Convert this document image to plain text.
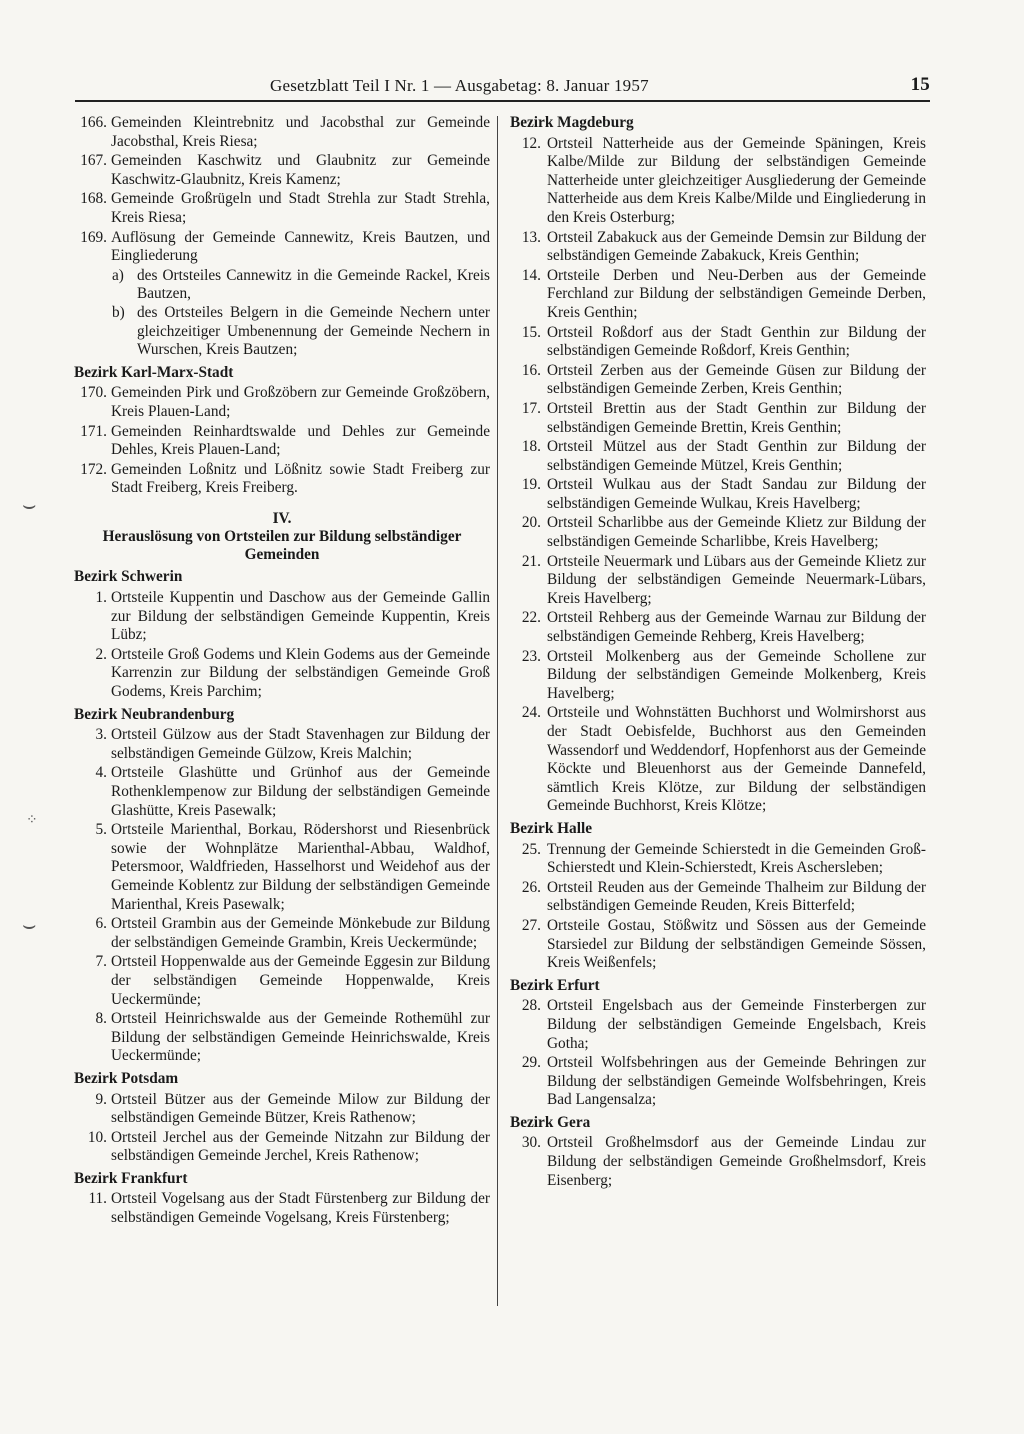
Gesetzblatt Teil I Nr. 1 — Ausgabetag: 8. Januar 1957	15
⌣
⁘
⌣
166. Gemeinden Kleintrebnitz und Jacobsthal zur Gemeinde Jacobsthal, Kreis Riesa;
167. Gemeinden Kaschwitz und Glaubnitz zur Gemeinde Kaschwitz-Glaubnitz, Kreis Kamenz;
168. Gemeinde Großrügeln und Stadt Strehla zur Stadt Strehla, Kreis Riesa;
169. Auflösung der Gemeinde Cannewitz, Kreis Bautzen, und Eingliederung
a) des Ortsteiles Cannewitz in die Gemeinde Rackel, Kreis Bautzen,
b) des Ortsteiles Belgern in die Gemeinde Nechern unter gleichzeitiger Umbenennung der Gemeinde Nechern in Wurschen, Kreis Bautzen;
Bezirk Karl-Marx-Stadt
170. Gemeinden Pirk und Großzöbern zur Gemeinde Großzöbern, Kreis Plauen-Land;
171. Gemeinden Reinhardtswalde und Dehles zur Gemeinde Dehles, Kreis Plauen-Land;
172. Gemeinden Loßnitz und Lößnitz sowie Stadt Freiberg zur Stadt Freiberg, Kreis Freiberg.
IV.
Herauslösung von Ortsteilen zur Bildung selbständiger Gemeinden
Bezirk Schwerin
1. Ortsteile Kuppentin und Daschow aus der Gemeinde Gallin zur Bildung der selbständigen Gemeinde Kuppentin, Kreis Lübz;
2. Ortsteile Groß Godems und Klein Godems aus der Gemeinde Karrenzin zur Bildung der selbständigen Gemeinde Groß Godems, Kreis Parchim;
Bezirk Neubrandenburg
3. Ortsteil Gülzow aus der Stadt Stavenhagen zur Bildung der selbständigen Gemeinde Gülzow, Kreis Malchin;
4. Ortsteile Glashütte und Grünhof aus der Gemeinde Rothenklempenow zur Bildung der selbständigen Gemeinde Glashütte, Kreis Pasewalk;
5. Ortsteile Marienthal, Borkau, Rödershorst und Riesenbrück sowie der Wohnplätze Marienthal-Abbau, Waldhof, Petersmoor, Waldfrieden, Hasselhorst und Weidehof aus der Gemeinde Koblentz zur Bildung der selbständigen Gemeinde Marienthal, Kreis Pasewalk;
6. Ortsteil Grambin aus der Gemeinde Mönkebude zur Bildung der selbständigen Gemeinde Grambin, Kreis Ueckermünde;
7. Ortsteil Hoppenwalde aus der Gemeinde Eggesin zur Bildung der selbständigen Gemeinde Hoppenwalde, Kreis Ueckermünde;
8. Ortsteil Heinrichswalde aus der Gemeinde Rothemühl zur Bildung der selbständigen Gemeinde Heinrichswalde, Kreis Ueckermünde;
Bezirk Potsdam
9. Ortsteil Bützer aus der Gemeinde Milow zur Bildung der selbständigen Gemeinde Bützer, Kreis Rathenow;
10. Ortsteil Jerchel aus der Gemeinde Nitzahn zur Bildung der selbständigen Gemeinde Jerchel, Kreis Rathenow;
Bezirk Frankfurt
11. Ortsteil Vogelsang aus der Stadt Fürstenberg zur Bildung der selbständigen Gemeinde Vogelsang, Kreis Fürstenberg;
Bezirk Magdeburg
12. Ortsteil Natterheide aus der Gemeinde Späningen, Kreis Kalbe/Milde zur Bildung der selbständigen Gemeinde Natterheide unter gleichzeitiger Ausgliederung der Gemeinde Natterheide aus dem Kreis Kalbe/Milde und Eingliederung in den Kreis Osterburg;
13. Ortsteil Zabakuck aus der Gemeinde Demsin zur Bildung der selbständigen Gemeinde Zabakuck, Kreis Genthin;
14. Ortsteile Derben und Neu-Derben aus der Gemeinde Ferchland zur Bildung der selbständigen Gemeinde Derben, Kreis Genthin;
15. Ortsteil Roßdorf aus der Stadt Genthin zur Bildung der selbständigen Gemeinde Roßdorf, Kreis Genthin;
16. Ortsteil Zerben aus der Gemeinde Güsen zur Bildung der selbständigen Gemeinde Zerben, Kreis Genthin;
17. Ortsteil Brettin aus der Stadt Genthin zur Bildung der selbständigen Gemeinde Brettin, Kreis Genthin;
18. Ortsteil Mützel aus der Stadt Genthin zur Bildung der selbständigen Gemeinde Mützel, Kreis Genthin;
19. Ortsteil Wulkau aus der Stadt Sandau zur Bildung der selbständigen Gemeinde Wulkau, Kreis Havelberg;
20. Ortsteil Scharlibbe aus der Gemeinde Klietz zur Bildung der selbständigen Gemeinde Scharlibbe, Kreis Havelberg;
21. Ortsteile Neuermark und Lübars aus der Gemeinde Klietz zur Bildung der selbständigen Gemeinde Neuermark-Lübars, Kreis Havelberg;
22. Ortsteil Rehberg aus der Gemeinde Warnau zur Bildung der selbständigen Gemeinde Rehberg, Kreis Havelberg;
23. Ortsteil Molkenberg aus der Gemeinde Schollene zur Bildung der selbständigen Gemeinde Molkenberg, Kreis Havelberg;
24. Ortsteile und Wohnstätten Buchhorst und Wolmirshorst aus der Stadt Oebisfelde, Buchhorst aus den Gemeinden Wassendorf und Weddendorf, Hopfenhorst aus der Gemeinde Köckte und Bleuenhorst aus der Gemeinde Dannefeld, sämtlich Kreis Klötze, zur Bildung der selbständigen Gemeinde Buchhorst, Kreis Klötze;
Bezirk Halle
25. Trennung der Gemeinde Schierstedt in die Gemeinden Groß-Schierstedt und Klein-Schierstedt, Kreis Aschersleben;
26. Ortsteil Reuden aus der Gemeinde Thalheim zur Bildung der selbständigen Gemeinde Reuden, Kreis Bitterfeld;
27. Ortsteile Gostau, Stößwitz und Sössen aus der Gemeinde Starsiedel zur Bildung der selbständigen Gemeinde Sössen, Kreis Weißenfels;
Bezirk Erfurt
28. Ortsteil Engelsbach aus der Gemeinde Finsterbergen zur Bildung der selbständigen Gemeinde Engelsbach, Kreis Gotha;
29. Ortsteil Wolfsbehringen aus der Gemeinde Behringen zur Bildung der selbständigen Gemeinde Wolfsbehringen, Kreis Bad Langensalza;
Bezirk Gera
30. Ortsteil Großhelmsdorf aus der Gemeinde Lindau zur Bildung der selbständigen Gemeinde Großhelmsdorf, Kreis Eisenberg;
